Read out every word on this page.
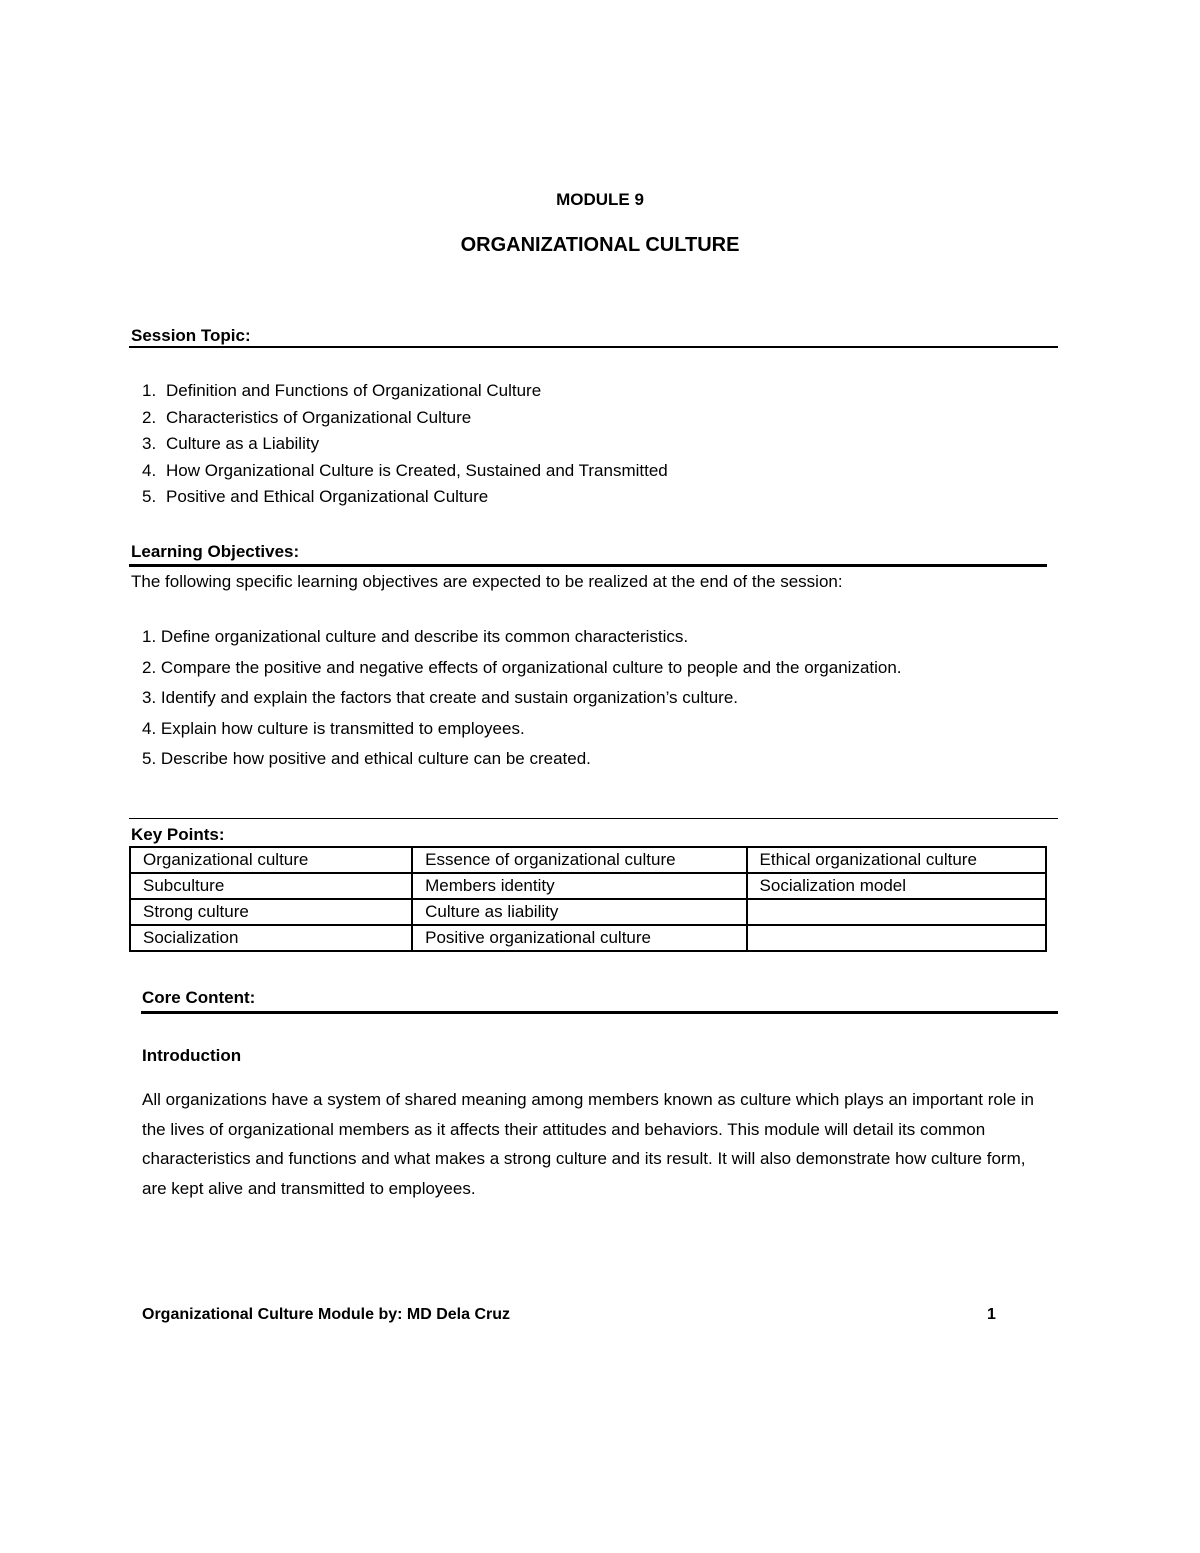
MODULE 9
ORGANIZATIONAL CULTURE
Session Topic:
1. Definition and Functions of Organizational Culture
2. Characteristics of Organizational Culture
3. Culture as a Liability
4. How Organizational Culture is Created, Sustained and Transmitted
5. Positive and Ethical Organizational Culture
Learning Objectives:
The following specific learning objectives are expected to be realized at the end of the session:
1. Define organizational culture and describe its common characteristics.
2. Compare the positive and negative effects of organizational culture to people and the organization.
3. Identify and explain the factors that create and sustain organization’s culture.
4. Explain how culture is transmitted to employees.
5. Describe how positive and ethical culture can be created.
Key Points:
Organizational culture	Essence of organizational culture	Ethical organizational culture
Subculture	Members identity	Socialization model
Strong culture	Culture as liability	
Socialization	Positive organizational culture	
Core Content:
Introduction

All organizations have a system of shared meaning among members known as culture which plays an important role in the lives of organizational members as it affects their attitudes and behaviors. This module will detail its common characteristics and functions and what makes a strong culture and its result. It will also demonstrate how culture form, are kept alive and transmitted to employees.

Organizational Culture Module by: MD Dela Cruz	1
